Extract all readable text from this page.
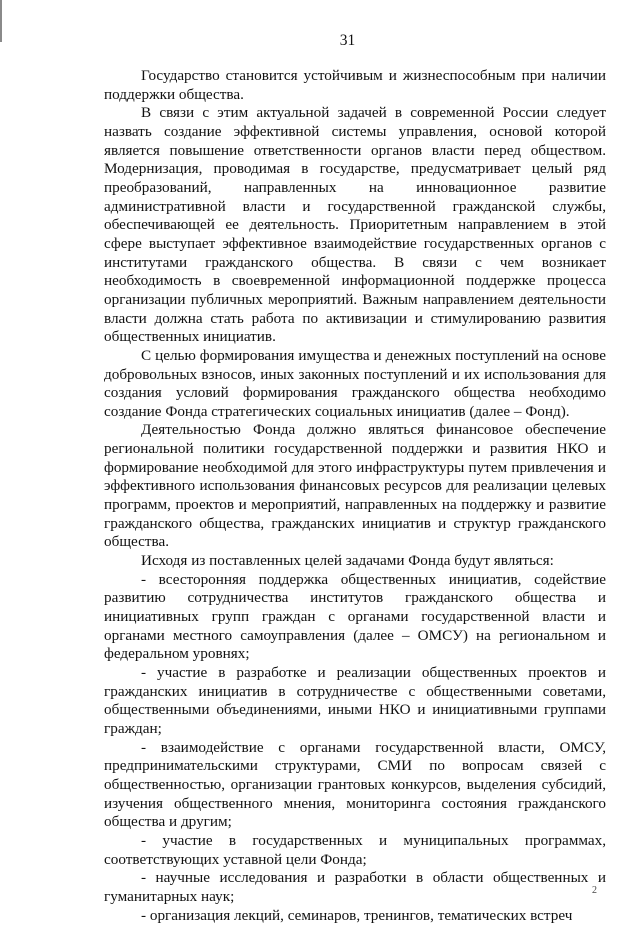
31

Государство становится устойчивым и жизнеспособным при наличии поддержки общества.

В связи с этим актуальной задачей в современной России следует назвать создание эффективной системы управления, основой которой является повышение ответственности органов власти перед обществом. Модернизация, проводимая в государстве, предусматривает целый ряд преобразований, направленных на инновационное развитие административной власти и государственной гражданской службы, обеспечивающей ее деятельность. Приоритетным направлением в этой сфере выступает эффективное взаимодействие государственных органов с институтами гражданского общества. В связи с чем возникает необходимость в своевременной информационной поддержке процесса организации публичных мероприятий. Важным направлением деятельности власти должна стать работа по активизации и стимулированию развития общественных инициатив.

С целью формирования имущества и денежных поступлений на основе добровольных взносов, иных законных поступлений и их использования для создания условий формирования гражданского общества необходимо создание Фонда стратегических социальных инициатив (далее – Фонд).

Деятельностью Фонда должно являться финансовое обеспечение региональной политики государственной поддержки и развития НКО и формирование необходимой для этого инфраструктуры путем привлечения и эффективного использования финансовых ресурсов для реализации целевых программ, проектов и мероприятий, направленных на поддержку и развитие гражданского общества, гражданских инициатив и структур гражданского общества.

Исходя из поставленных целей задачами Фонда будут являться:

- всесторонняя поддержка общественных инициатив, содействие развитию сотрудничества институтов гражданского общества и инициативных групп граждан с органами государственной власти и органами местного самоуправления (далее – ОМСУ) на региональном и федеральном уровнях;

- участие в разработке и реализации общественных проектов и гражданских инициатив в сотрудничестве с общественными советами, общественными объединениями, иными НКО и инициативными группами граждан;

- взаимодействие с органами государственной власти, ОМСУ, предпринимательскими структурами, СМИ по вопросам связей с общественностью, организации грантовых конкурсов, выделения субсидий, изучения общественного мнения, мониторинга состояния гражданского общества и другим;

- участие в государственных и муниципальных программах, соответствующих уставной цели Фонда;

- научные исследования и разработки в области общественных и гуманитарных наук;

- организация лекций, семинаров, тренингов, тематических встреч

2
